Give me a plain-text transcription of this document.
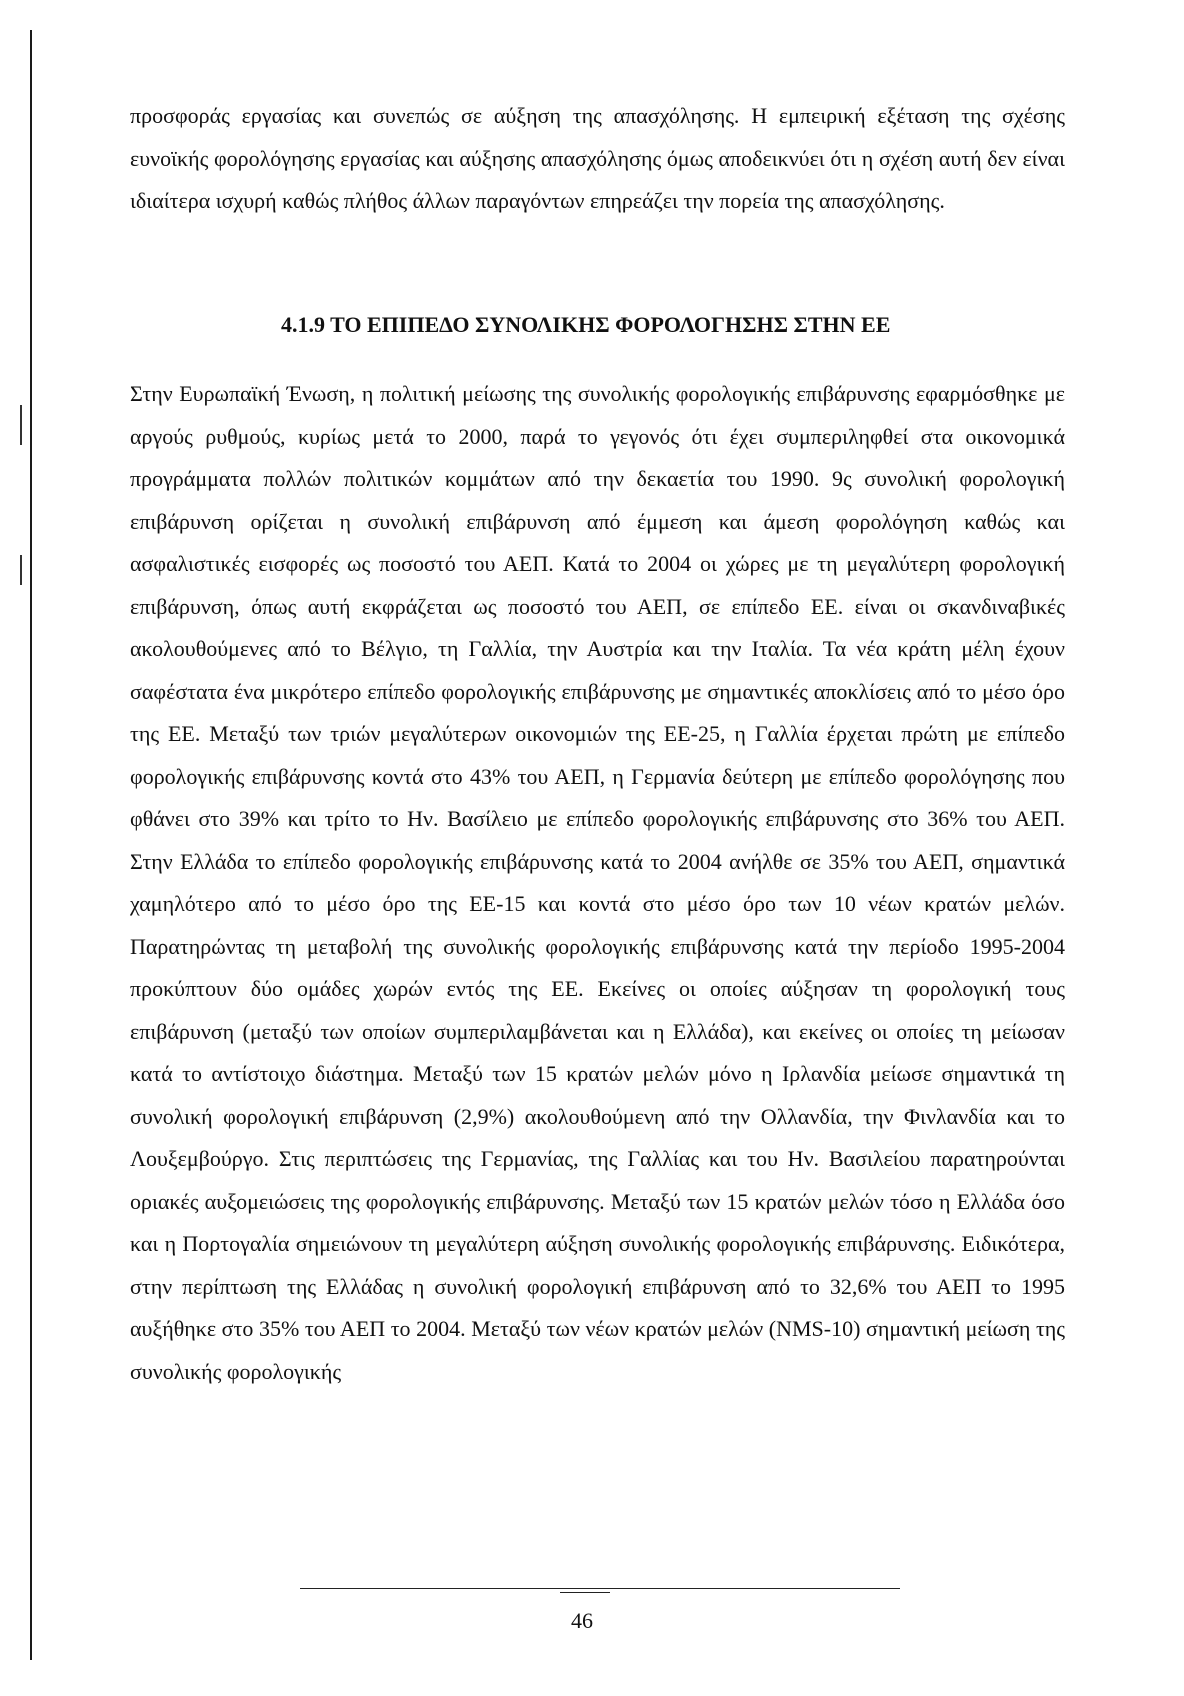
προσφοράς εργασίας και συνεπώς σε αύξηση της απασχόλησης. Η εμπειρική εξέταση της σχέσης ευνοϊκής φορολόγησης εργασίας και αύξησης απασχόλησης όμως αποδεικνύει ότι η σχέση αυτή δεν είναι ιδιαίτερα ισχυρή καθώς πλήθος άλλων παραγόντων επηρεάζει την πορεία της απασχόλησης.

4.1.9 ΤΟ ΕΠΙΠΕΔΟ ΣΥΝΟΛΙΚΗΣ ΦΟΡΟΛΟΓΗΣΗΣ ΣΤΗΝ ΕΕ

Στην Ευρωπαϊκή Ένωση, η πολιτική μείωσης της συνολικής φορολογικής επιβάρυνσης εφαρμόσθηκε με αργούς ρυθμούς, κυρίως μετά το 2000, παρά το γεγονός ότι έχει συμπεριληφθεί στα οικονομικά προγράμματα πολλών πολιτικών κομμάτων από την δεκαετία του 1990. 9ς συνολική φορολογική επιβάρυνση ορίζεται η συνολική επιβάρυνση από έμμεση και άμεση φορολόγηση καθώς και ασφαλιστικές εισφορές ως ποσοστό του ΑΕΠ. Κατά το 2004 οι χώρες με τη μεγαλύτερη φορολογική επιβάρυνση, όπως αυτή εκφράζεται ως ποσοστό του ΑΕΠ, σε επίπεδο ΕΕ. είναι οι σκανδιναβικές ακολουθούμενες από το Βέλγιο, τη Γαλλία, την Αυστρία και την Ιταλία. Τα νέα κράτη μέλη έχουν σαφέστατα ένα μικρότερο επίπεδο φορολογικής επιβάρυνσης με σημαντικές αποκλίσεις από το μέσο όρο της ΕΕ. Μεταξύ των τριών μεγαλύτερων οικονομιών της ΕΕ-25, η Γαλλία έρχεται πρώτη με επίπεδο φορολογικής επιβάρυνσης κοντά στο 43% του ΑΕΠ, η Γερμανία δεύτερη με επίπεδο φορολόγησης που φθάνει στο 39% και τρίτο το Ην. Βασίλειο με επίπεδο φορολογικής επιβάρυνσης στο 36% του ΑΕΠ. Στην Ελλάδα το επίπεδο φορολογικής επιβάρυνσης κατά το 2004 ανήλθε σε 35% του ΑΕΠ, σημαντικά χαμηλότερο από το μέσο όρο της ΕΕ-15 και κοντά στο μέσο όρο των 10 νέων κρατών μελών. Παρατηρώντας τη μεταβολή της συνολικής φορολογικής επιβάρυνσης κατά την περίοδο 1995-2004 προκύπτουν δύο ομάδες χωρών εντός της ΕΕ. Εκείνες οι οποίες αύξησαν τη φορολογική τους επιβάρυνση (μεταξύ των οποίων συμπεριλαμβάνεται και η Ελλάδα), και εκείνες οι οποίες τη μείωσαν κατά το αντίστοιχο διάστημα. Μεταξύ των 15 κρατών μελών μόνο η Ιρλανδία μείωσε σημαντικά τη συνολική φορολογική επιβάρυνση (2,9%) ακολουθούμενη από την Ολλανδία, την Φινλανδία και το Λουξεμβούργο. Στις περιπτώσεις της Γερμανίας, της Γαλλίας και του Ην. Βασιλείου παρατηρούνται οριακές αυξομειώσεις της φορολογικής επιβάρυνσης. Μεταξύ των 15 κρατών μελών τόσο η Ελλάδα όσο και η Πορτογαλία σημειώνουν τη μεγαλύτερη αύξηση συνολικής φορολογικής επιβάρυνσης. Ειδικότερα, στην περίπτωση της Ελλάδας η συνολική φορολογική επιβάρυνση από το 32,6% του ΑΕΠ το 1995 αυξήθηκε στο 35% του ΑΕΠ το 2004. Μεταξύ των νέων κρατών μελών (NMS-10) σημαντική μείωση της συνολικής φορολογικής

46
